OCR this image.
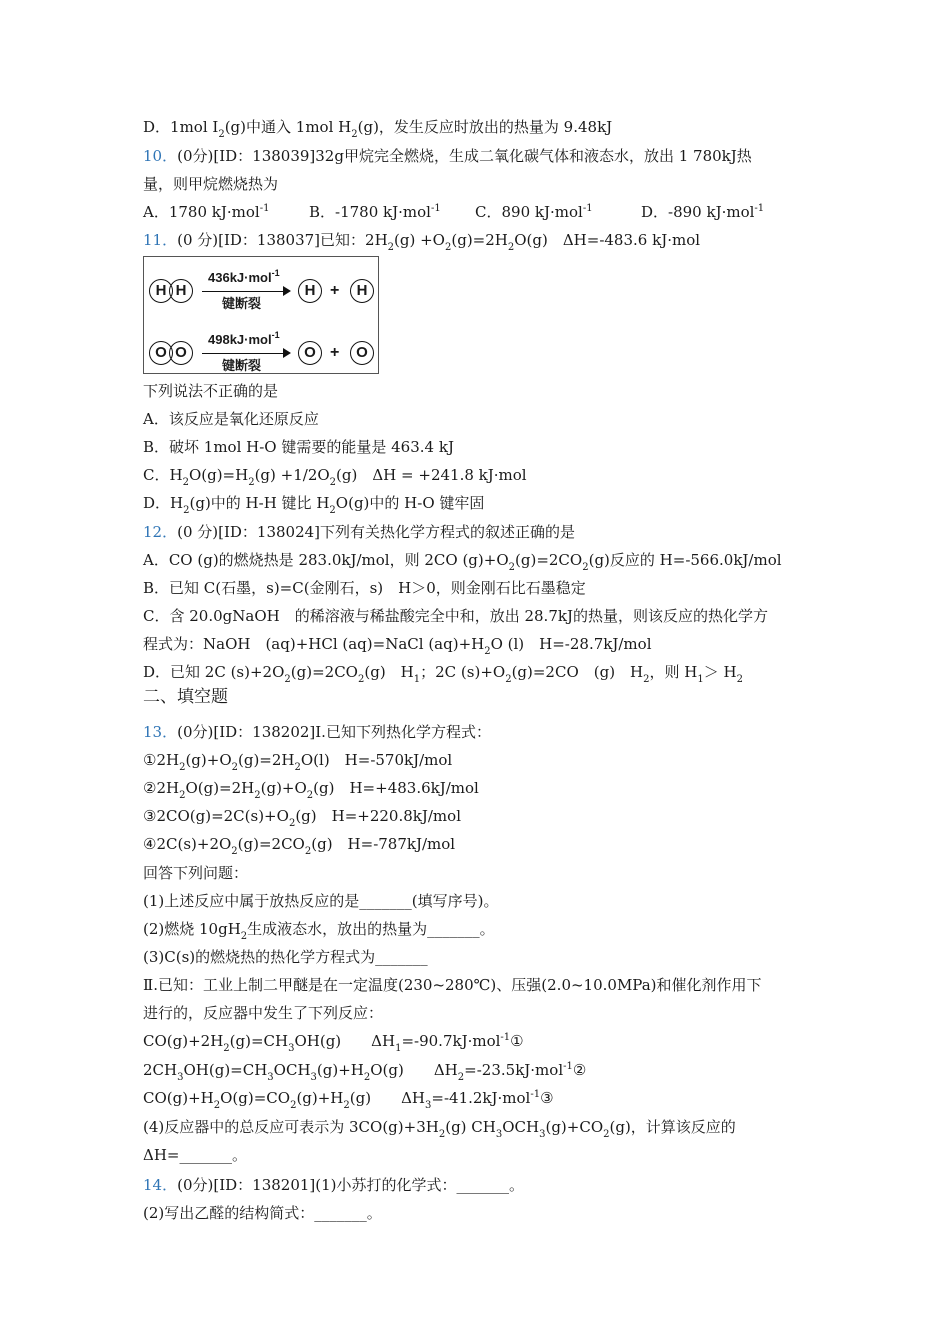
D．1mol $I_2(g)$中通入 1mol $H_2(g)$，发生反应时放出的热量为 9.48kJ
10．(0分)[ID：138039]32g甲烷完全燃烧，生成二氧化碳气体和液态水，放出 1 780kJ热
量，则甲烷燃烧热为
A．1780 kJ·mol$^{-1}$	B．-1780 kJ·mol$^{-1}$ C．890 kJ·mol$^{-1}$	D．-890 kJ·mol$^{-1}$
11．(0 分)[ID：138037]已知：$2H_2(g) +O_2(g)=2H_2O(g)$　ΔH=-483.6 kJ·mol
H H
436kJ·mol$^{-1}$
键断裂
H +	H
O O
498kJ·mol$^{-1}$
键断裂
O +	O
下列说法不正确的是
A．该反应是氧化还原反应
B．破坏 1mol H-O 键需要的能量是 463.4 kJ
C．$H_2O(g)=H_2(g) +1/2O_2(g)$　ΔH = +241.8 kJ·mol
D．$H_2(g)$中的 H-H 键比 $H_2O(g)$中的 H-O 键牢固
12．(0 分)[ID：138024]下列有关热化学方程式的叙述正确的是
A．CO (g)的燃烧热是 283.0kJ/mol，则 2CO $(g)+O_2(g)=2CO_2(g)$反应的 H=-566.0kJ/mol
B．已知 C(石墨，s)=C(金刚石，s)　H＞0，则金刚石比石墨稳定
C．含 20.0gNaOH　的稀溶液与稀盐酸完全中和，放出 28.7kJ的热量，则该反应的热化学方
程式为：NaOH　(aq)+HCl (aq)=NaCl $(aq)+H_2O$ (l)　H=-28.7kJ/mol
D．已知 2C $(s)+2O_2(g)=2CO_2(g)$　$H_1$；2C $(s)+O_2(g)=2CO$　(g)　$H_2$，则 $H_1> H_2$
二、填空题
13．(0分)[ID：138202]Ⅰ.已知下列热化学方程式：
$①2H_2(g)+O_2(g)=2H_2O(l)$　H=-570kJ/mol
$②2H_2O(g)=2H_2(g)+O_2(g)$　H=+483.6kJ/mol
$③2CO(g)=2C(s)+O_2(g)$　H=+220.8kJ/mol
$④2C(s)+2O_2(g)=2CO_2(g)$　H=-787kJ/mol
回答下列问题：
(1)上述反应中属于放热反应的是_______(填写序号)。
(2)燃烧 $10gH_2$生成液态水，放出的热量为_______。
(3)C(s)的燃烧热的热化学方程式为_______
Ⅱ.已知：工业上制二甲醚是在一定温度(230~280℃)、压强(2.0~10.0MPa)和催化剂作用下
进行的，反应器中发生了下列反应：
$CO(g)+2H_2(g)=CH_3OH(g)$　　$\Delta H_1=-90.7kJ\cdot mol^{-1}①$
$2CH_3OH(g)=CH_3OCH_3(g)+H_2O(g)$　　$\Delta H_2=-23.5kJ\cdot mol^{-1}②$
$CO(g)+H_2O(g)=CO_2(g)+H_2(g)$　　$\Delta H_3=-41.2kJ\cdot mol^{-1}③$
(4)反应器中的总反应可表示为 $3CO(g)+3H_2(g)$ $CH_3OCH_3(g)+CO_2(g)$，计算该反应的
ΔH=_______。
14．(0分)[ID：138201](1)小苏打的化学式：_______。
(2)写出乙醛的结构简式：_______。
